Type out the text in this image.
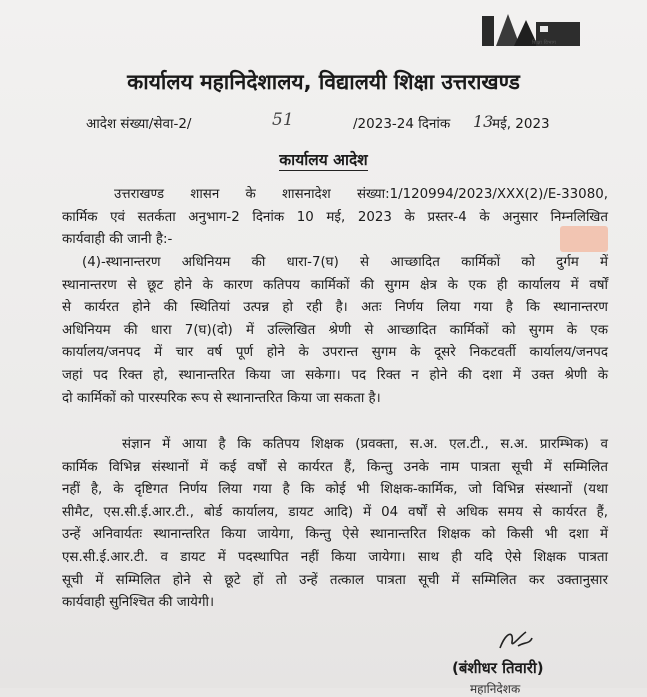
शिक्षा विभाग
कार्यालय महानिदेशालय, विद्यालयी शिक्षा उत्तराखण्ड
आदेश संख्या/सेवा-2/	51	/2023-24 दिनांक 13
मई, 2023
कार्यालय आदेश
उत्तराखण्ड शासन के शासनादेश संख्या:1/120994/2023/XXX(2)/E-33080,
कार्मिक एवं सतर्कता अनुभाग-2 दिनांक 10 मई, 2023 के प्रस्तर-4 के अनुसार निम्नलिखित
कार्यवाही की जानी है:-
(4)-स्थानान्तरण अधिनियम की धारा-7(घ) से आच्छादित कार्मिकों को दुर्गम में
स्थानान्तरण से छूट होने के कारण कतिपय कार्मिकों की सुगम क्षेत्र के एक ही कार्यालय में वर्षों
से कार्यरत होने की स्थितियां उत्पन्न हो रही है। अतः निर्णय लिया गया है कि स्थानान्तरण
अधिनियम की धारा 7(घ)(दो) में उल्लिखित श्रेणी से आच्छादित कार्मिकों को सुगम के एक
कार्यालय/जनपद में चार वर्ष पूर्ण होने के उपरान्त सुगम के दूसरे निकटवर्ती कार्यालय/जनपद
जहां पद रिक्त हो, स्थानान्तरित किया जा सकेगा। पद रिक्त न होने की दशा में उक्त श्रेणी के
दो कार्मिकों को पारस्परिक रूप से स्थानान्तरित किया जा सकता है।
संज्ञान में आया है कि कतिपय शिक्षक (प्रवक्ता, स.अ. एल.टी., स.अ. प्रारम्भिक) व
कार्मिक विभिन्न संस्थानों में कई वर्षों से कार्यरत हैं, किन्तु उनके नाम पात्रता सूची में सम्मिलित
नहीं है, के दृष्टिगत निर्णय लिया गया है कि कोई भी शिक्षक-कार्मिक, जो विभिन्न संस्थानों (यथा
सीमैट, एस.सी.ई.आर.टी., बोर्ड कार्यालय, डायट आदि) में 04 वर्षों से अधिक समय से कार्यरत हैं,
उन्हें अनिवार्यतः स्थानान्तरित किया जायेगा, किन्तु ऐसे स्थानान्तरित शिक्षक को किसी भी दशा में
एस.सी.ई.आर.टी. व डायट में पदस्थापित नहीं किया जायेगा। साथ ही यदि ऐसे शिक्षक पात्रता
सूची में सम्मिलित होने से छूटे हों तो उन्हें तत्काल पात्रता सूची में सम्मिलित कर उक्तानुसार
कार्यवाही सुनिश्चित की जायेगी।
(बंशीधर तिवारी)
महानिदेशक
